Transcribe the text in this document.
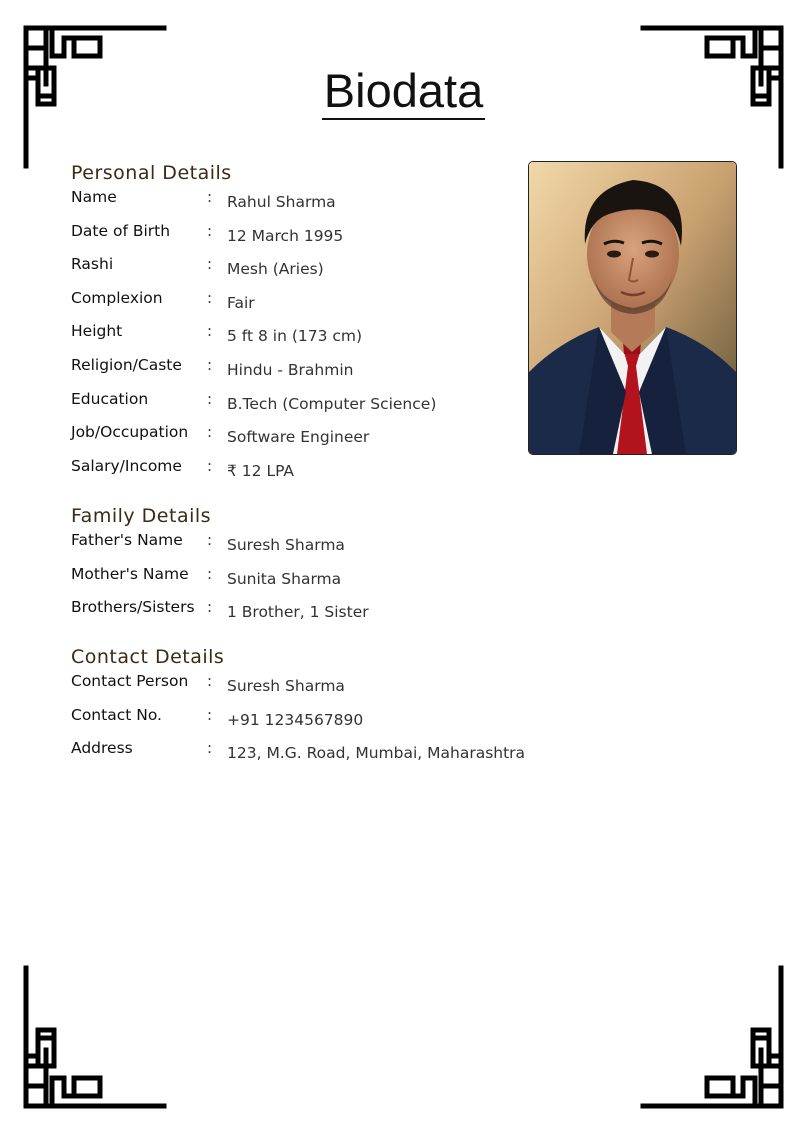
Biodata
Personal Details
Name	: Rahul Sharma
Date of Birth : 12 March 1995
Rashi	: Mesh (Aries)
Complexion	: Fair
Height	: 5 ft 8 in (173 cm)
Religion/Caste : Hindu - Brahmin
Education	: B.Tech (Computer Science)
Job/Occupation : Software Engineer
Salary/Income : ₹ 12 LPA
Family Details
Father's Name : Suresh Sharma
Mother's Name : Sunita Sharma
Brothers/Sisters : 1 Brother, 1 Sister
Contact Details
Contact Person : Suresh Sharma
Contact No.	: +91 1234567890
Address	: 123, M.G. Road, Mumbai, Maharashtra
